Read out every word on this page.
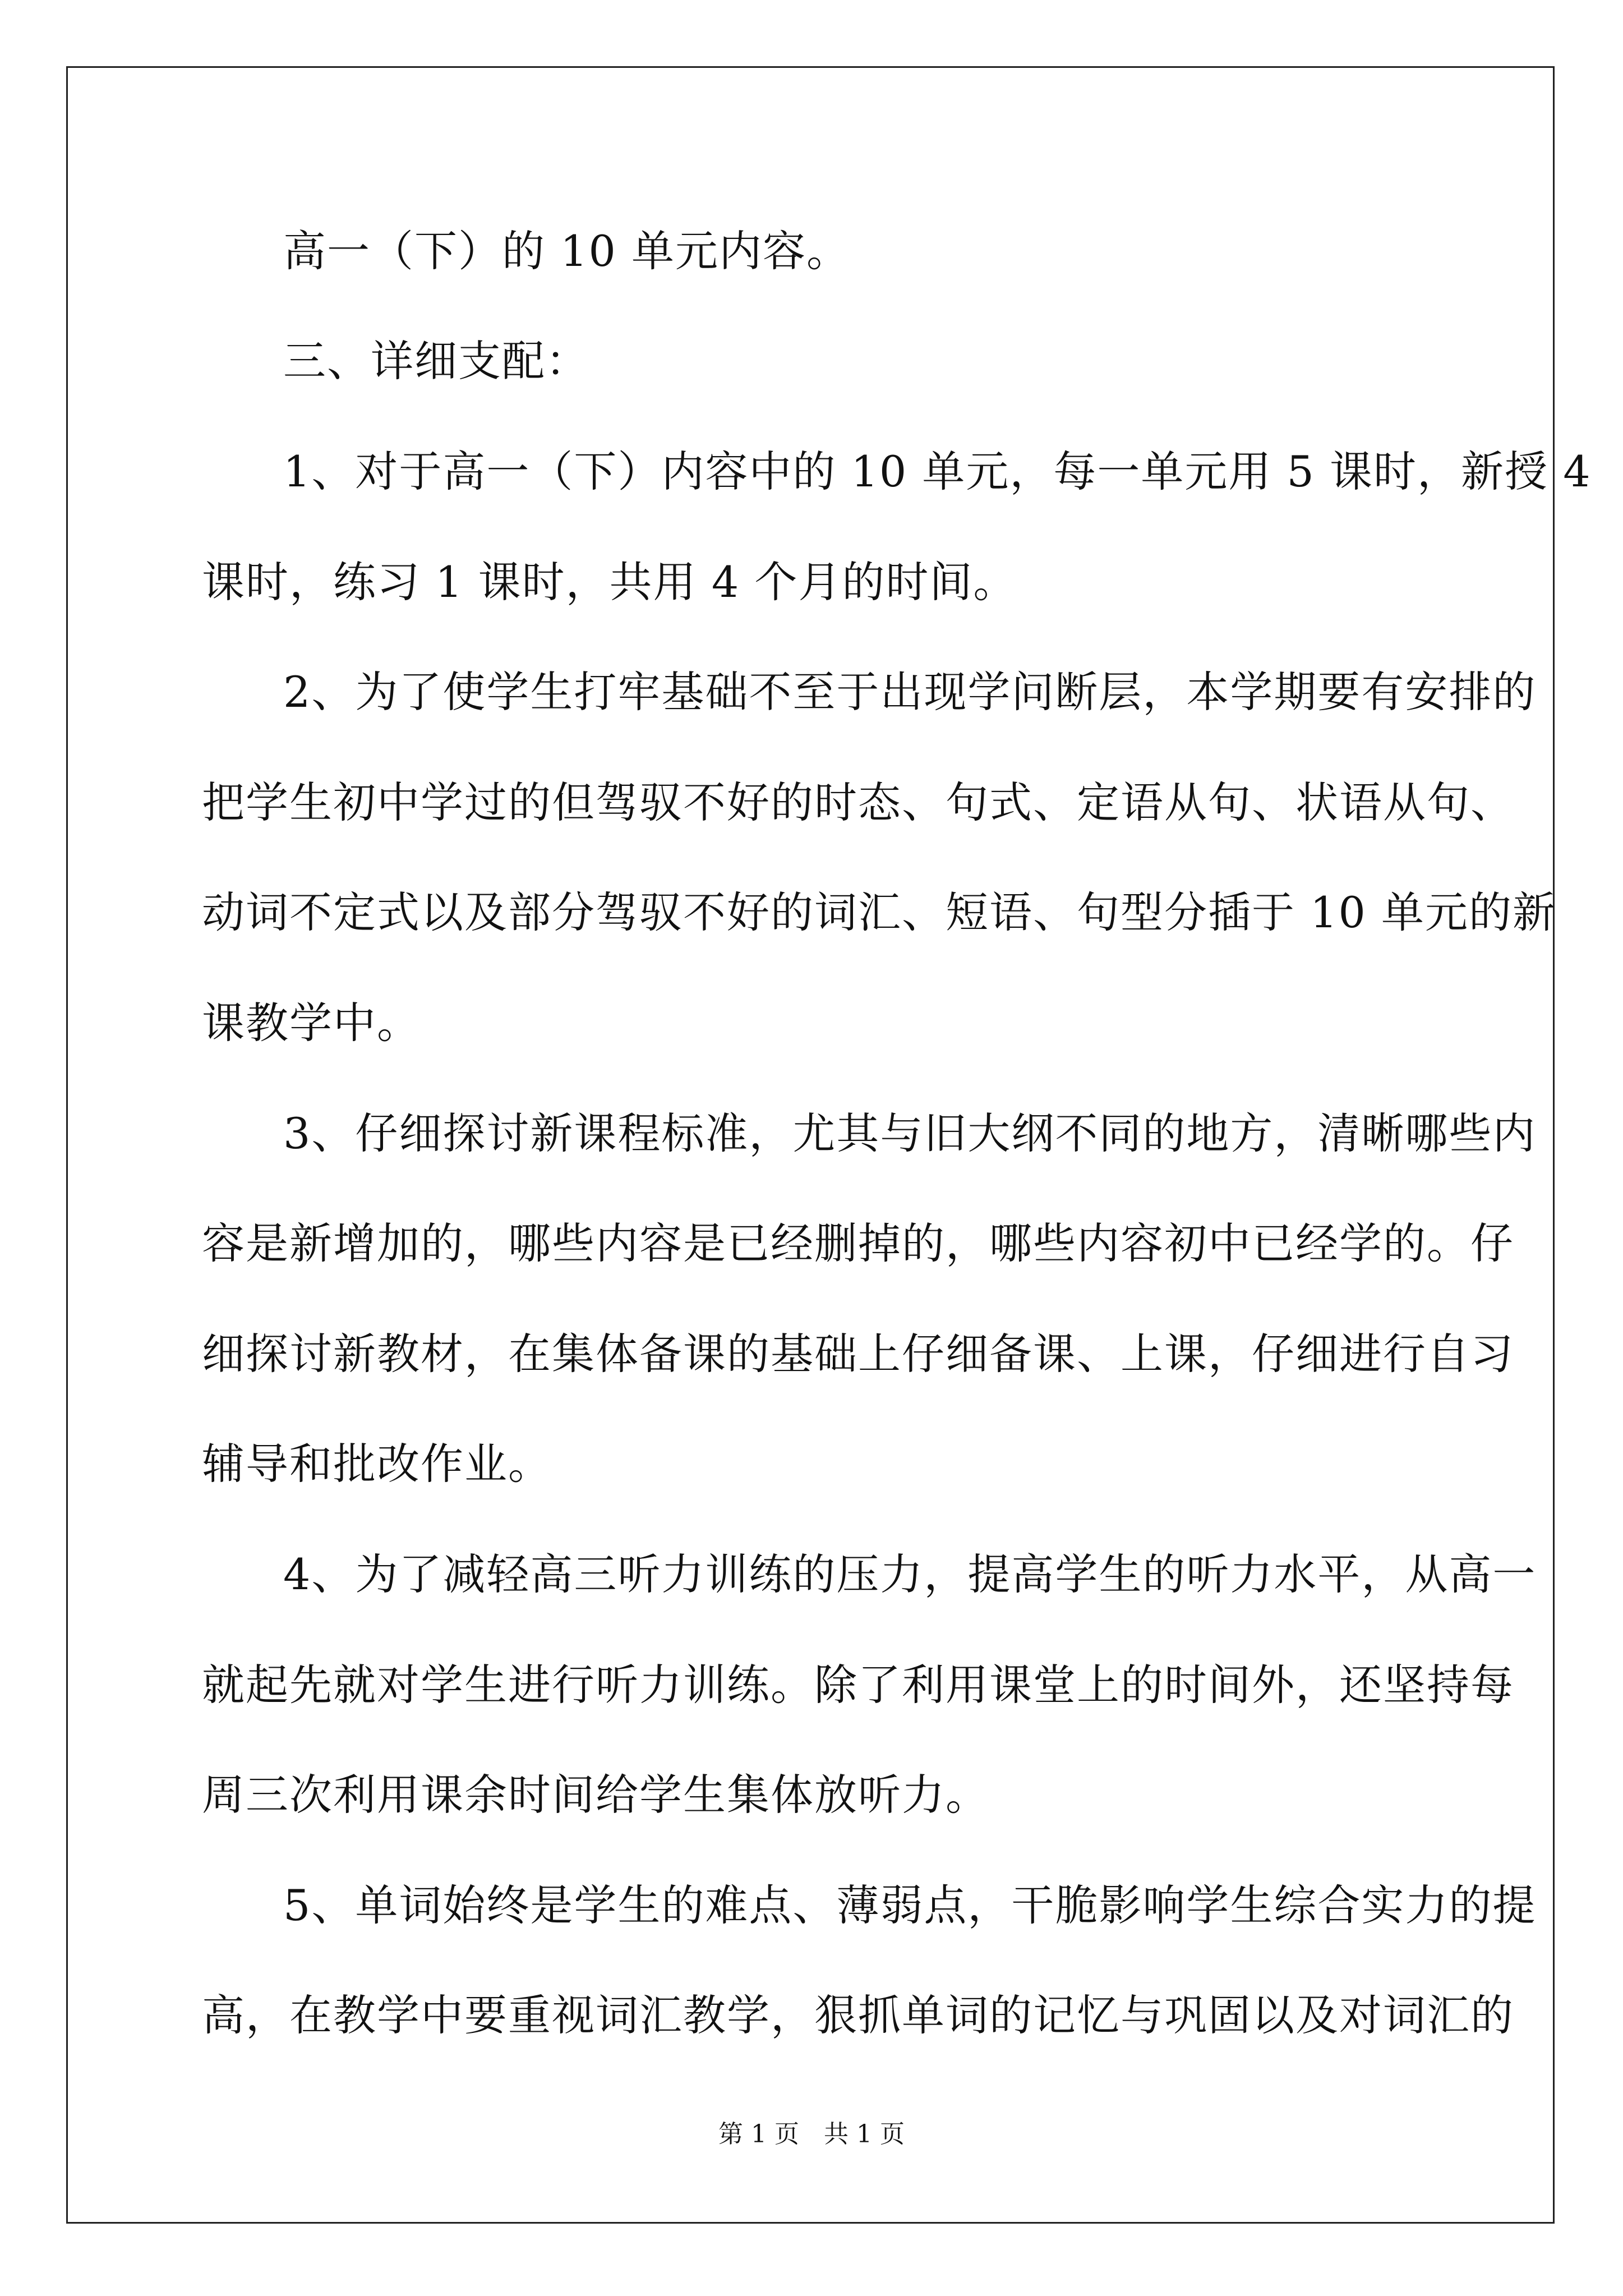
高一（下）的 10 单元内容。
三、详细支配：
1、对于高一（下）内容中的 10 单元，每一单元用 5 课时，新授 4
课时，练习 1 课时，共用 4 个月的时间。
2、为了使学生打牢基础不至于出现学问断层，本学期要有安排的
把学生初中学过的但驾驭不好的时态、句式、定语从句、状语从句、
动词不定式以及部分驾驭不好的词汇、短语、句型分插于 10 单元的新
课教学中。
3、仔细探讨新课程标准，尤其与旧大纲不同的地方，清晰哪些内
容是新增加的，哪些内容是已经删掉的，哪些内容初中已经学的。仔
细探讨新教材，在集体备课的基础上仔细备课、上课，仔细进行自习
辅导和批改作业。
4、为了减轻高三听力训练的压力，提高学生的听力水平，从高一
就起先就对学生进行听力训练。除了利用课堂上的时间外，还坚持每
周三次利用课余时间给学生集体放听力。
5、单词始终是学生的难点、薄弱点，干脆影响学生综合实力的提
高，在教学中要重视词汇教学，狠抓单词的记忆与巩固以及对词汇的
第 1 页　共 1 页
